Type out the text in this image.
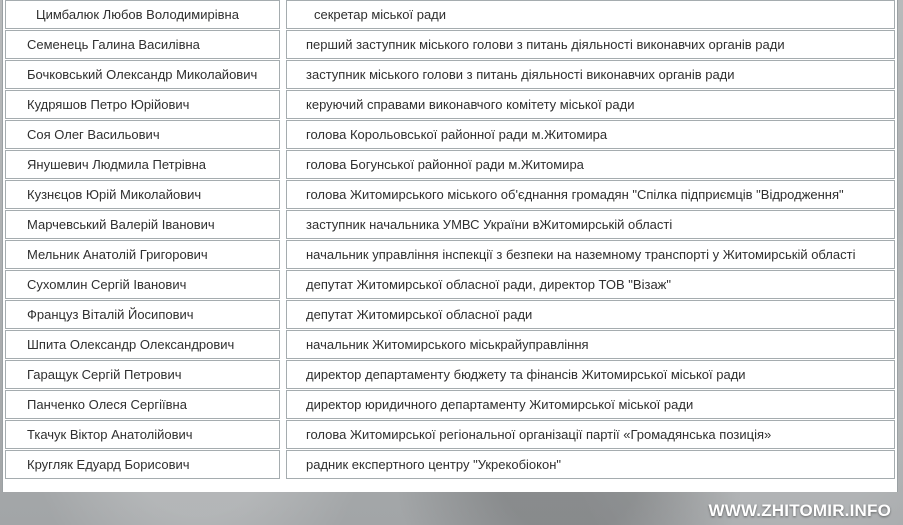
Цимбалюк Любов Володимирівна	секретар міської ради
Семенець Галина Василівна	перший заступник міського голови з питань діяльності виконавчих органів ради
Бочковський Олександр Миколайович	заступник міського голови з питань діяльності виконавчих органів ради
Кудряшов Петро Юрійович	керуючий справами виконавчого комітету міської ради
Соя Олег Васильович	голова Корольовської районної ради м.Житомира
Янушевич Людмила Петрівна	голова Богунської районної ради м.Житомира
Кузнєцов Юрій Миколайович	голова Житомирського міського об'єднання громадян "Спілка підприємців "Відродження"
Марчевський Валерій Іванович	заступник начальника УМВС України вЖитомирській області
Мельник Анатолій Григорович	начальник управління інспекції з безпеки на наземному транспорті у Житомирській області
Сухомлин Сергій Іванович	депутат Житомирської обласної ради, директор ТОВ "Візаж"
Француз Віталій Йосипович	депутат Житомирської обласної ради
Шпита Олександр Олександрович	начальник Житомирського міськрайуправління
Гаращук Сергій Петрович	директор департаменту бюджету та фінансів Житомирської міської ради
Панченко Олеся Сергіївна	директор юридичного департаменту Житомирської міської ради
Ткачук Віктор Анатолійович	голова Житомирської регіональної організації партії «Громадянська позиція»
Кругляк Едуард Борисович	радник експертного центру "Укрекобіокон"
WWW.ZHITOMIR.INFO
